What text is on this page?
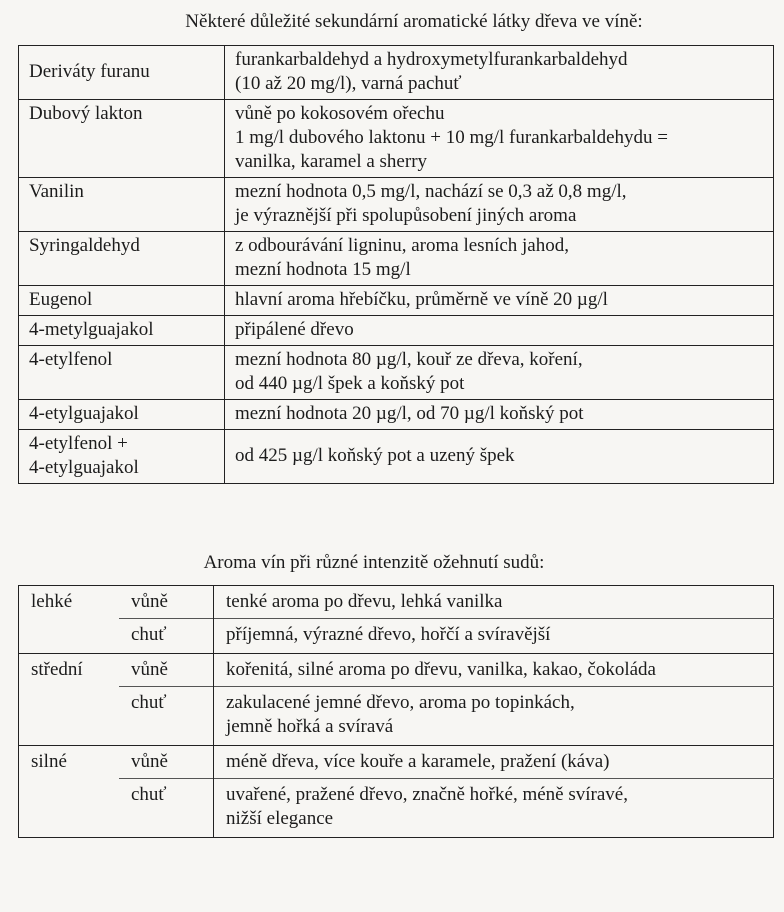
Některé důležité sekundární aromatické látky dřeva ve víně:
Deriváty furanu	furankarbaldehyd a hydroxymetylfurankarbaldehyd
(10 až 20 mg/l), varná pachuť
Dubový lakton	vůně po kokosovém ořechu
1 mg/l dubového laktonu + 10 mg/l furankarbaldehydu =
vanilka, karamel a sherry
Vanilin	mezní hodnota 0,5 mg/l, nachází se 0,3 až 0,8 mg/l,
je výraznější při spolupůsobení jiných aroma
Syringaldehyd	z odbourávání ligninu, aroma lesních jahod,
mezní hodnota 15 mg/l
Eugenol	hlavní aroma hřebíčku, průměrně ve víně 20 µg/l
4-metylguajakol	připálené dřevo
4-etylfenol	mezní hodnota 80 µg/l, kouř ze dřeva, koření,
od 440 µg/l špek a koňský pot
4-etylguajakol	mezní hodnota 20 µg/l, od 70 µg/l koňský pot
4-etylfenol +
4-etylguajakol	od 425 µg/l koňský pot a uzený špek
Aroma vín při různé intenzitě ožehnutí sudů:
lehké	vůně	tenké aroma po dřevu, lehká vanilka
	chuť	příjemná, výrazné dřevo, hořčí a svíravější
střední	vůně	kořenitá, silné aroma po dřevu, vanilka, kakao, čokoláda
	chuť	zakulacené jemné dřevo, aroma po topinkách,
jemně hořká a svíravá
silné	vůně	méně dřeva, více kouře a karamele, pražení (káva)
	chuť	uvařené, pražené dřevo, značně hořké, méně svíravé,
nižší elegance
